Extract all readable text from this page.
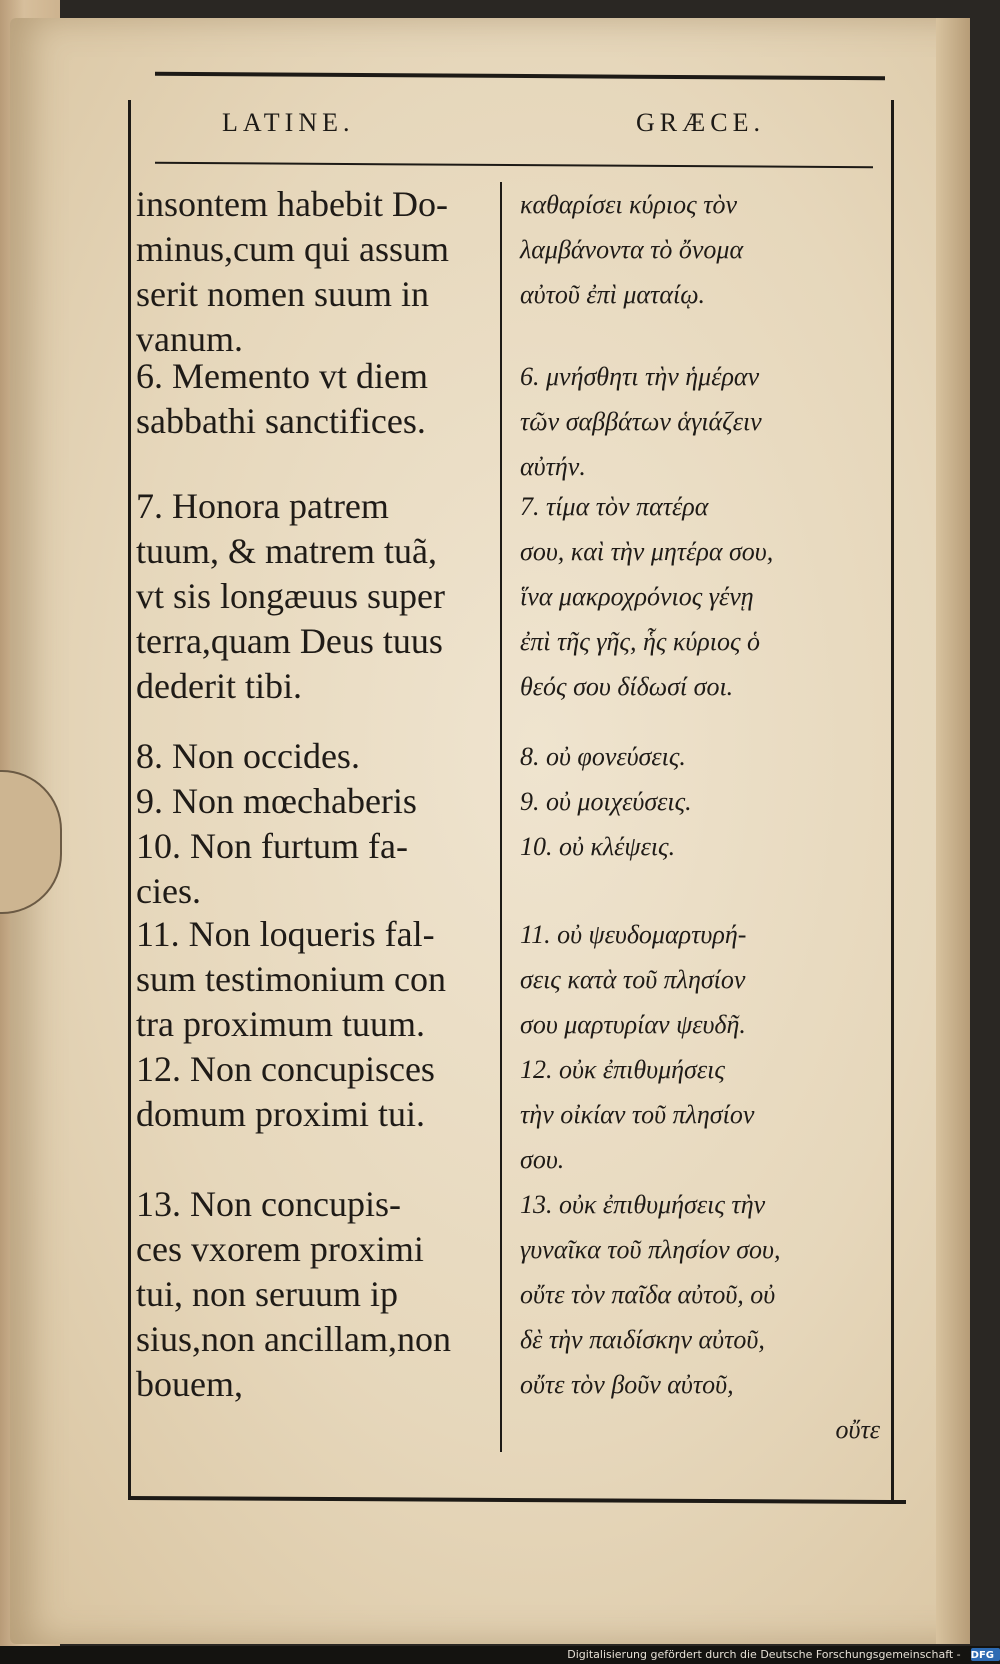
LATINE.	GRÆCE.
insontem habebit Do-
minus,cum qui assum
serit nomen suum in
vanum.
6. Memento vt diem
sabbathi sanctifices.
7. Honora patrem
tuum, & matrem tuã,
vt sis longæuus super
terra,quam Deus tuus
dederit tibi.
8. Non occides.
9. Non mœchaberis
10. Non furtum fa-
cies.
11. Non loqueris fal-
sum testimonium con
tra proximum tuum.
12. Non concupisces
domum proximi tui.
13. Non concupis-
ces vxorem proximi
tui, non seruum ip
sius,non ancillam,non
bouem,
καθαρίσει κύριος τὸν
λαμβάνοντα τὸ ὄνομα
αὐτοῦ ἐπὶ ματαίῳ.
6. μνήσθητι τὴν ἡμέραν
τῶν σαββάτων ἁγιάζειν
αὐτήν.
7. τίμα τὸν πατέρα
σου, καὶ τὴν μητέρα σου,
ἵνα μακροχρόνιος γένῃ
ἐπὶ τῆς γῆς, ἧς κύριος ὁ
θεός σου δίδωσί σοι.
8. οὐ φονεύσεις.
9. οὐ μοιχεύσεις.
10. οὐ κλέψεις.
11. οὐ ψευδομαρτυρή-
σεις κατὰ τοῦ πλησίον
σου μαρτυρίαν ψευδῆ.
12. οὐκ ἐπιθυμήσεις
τὴν οἰκίαν τοῦ πλησίον
σου.
13. οὐκ ἐπιθυμήσεις τὴν
γυναῖκα τοῦ πλησίον σου,
οὔτε τὸν παῖδα αὐτοῦ, οὐ
δὲ τὴν παιδίσκην αὐτοῦ,
οὔτε τὸν βοῦν αὐτοῦ,
οὔτε
Digitalisierung gefördert durch die Deutsche Forschungsgemeinschaft - DFG
